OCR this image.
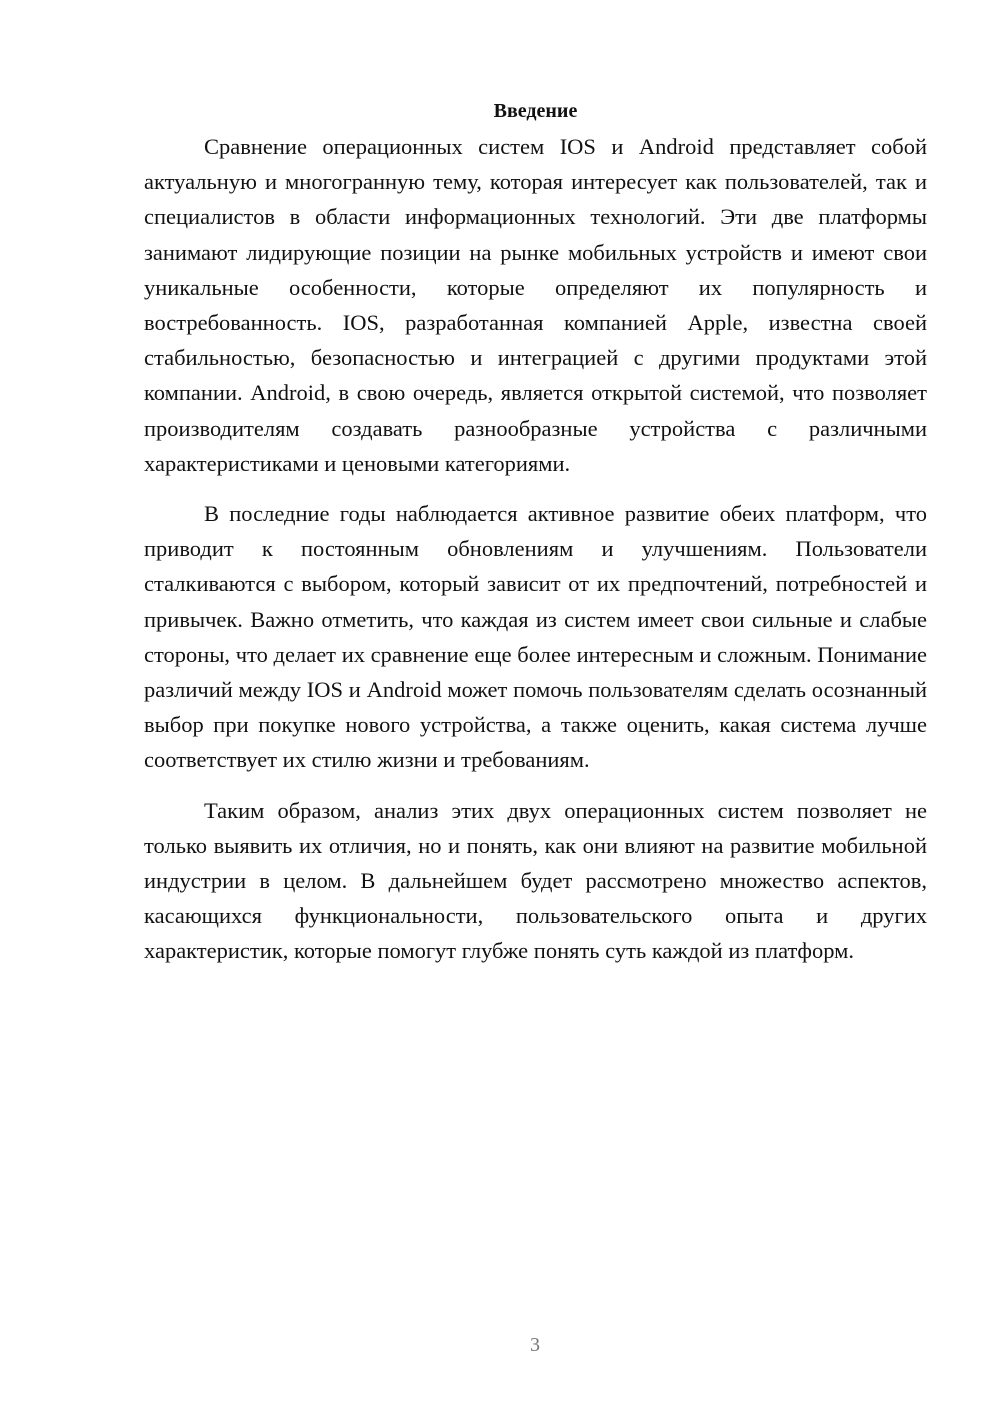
Введение

Сравнение операционных систем IOS и Android представляет собой актуальную и многогранную тему, которая интересует как пользователей, так и специалистов в области информационных технологий. Эти две платформы занимают лидирующие позиции на рынке мобильных устройств и имеют свои уникальные особенности, которые определяют их популярность и востребованность. IOS, разработанная компанией Apple, известна своей стабильностью, безопасностью и интеграцией с другими продуктами этой компании. Android, в свою очередь, является открытой системой, что позволяет производителям создавать разнообразные устройства с различными характеристиками и ценовыми категориями.

В последние годы наблюдается активное развитие обеих платформ, что приводит к постоянным обновлениям и улучшениям. Пользователи сталкиваются с выбором, который зависит от их предпочтений, потребностей и привычек. Важно отметить, что каждая из систем имеет свои сильные и слабые стороны, что делает их сравнение еще более интересным и сложным. Понимание различий между IOS и Android может помочь пользователям сделать осознанный выбор при покупке нового устройства, а также оценить, какая система лучше соответствует их стилю жизни и требованиям.

Таким образом, анализ этих двух операционных систем позволяет не только выявить их отличия, но и понять, как они влияют на развитие мобильной индустрии в целом. В дальнейшем будет рассмотрено множество аспектов, касающихся функциональности, пользовательского опыта и других характеристик, которые помогут глубже понять суть каждой из платформ.

3
